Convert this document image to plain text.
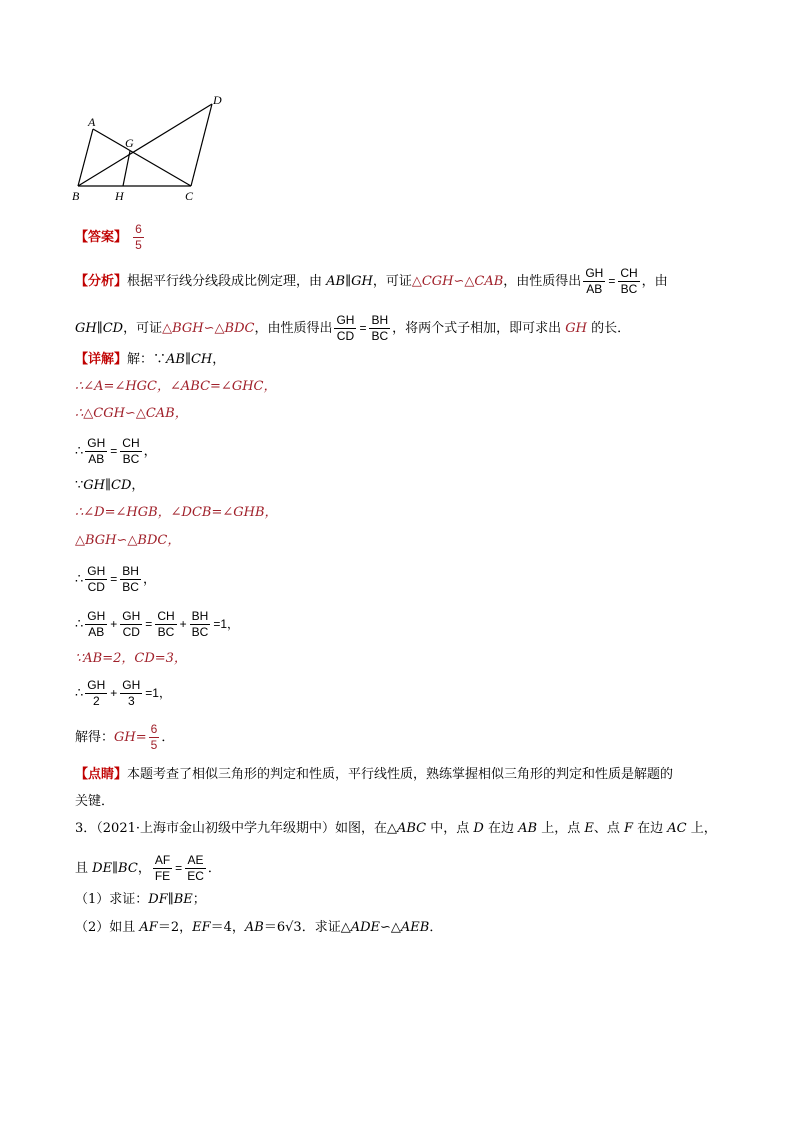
A
B	C
D
G
H
【答案】 $\frac{6}{5}$
【分析】根据平行线分线段成比例定理，由 AB∥GH，可证△CGH∽△CAB，由性质得出 $\frac{GH}{AB} = \frac{CH}{BC}$ ，由
GH∥CD，可证△BGH∽△BDC，由性质得出 $\frac{GH}{CD} = \frac{BH}{BC}$ ，将两个式子相加，即可求出 GH 的长．
【详解】解：∵AB∥CH，
∴∠A=∠HGC，∠ABC=∠GHC，
∴△CGH∽△CAB，
∴ $\frac{GH}{AB} = \frac{CH}{BC}$ ，
∵GH∥CD，
∴∠D=∠HGB，∠DCB=∠GHB，
△BGH∽△BDC，
∴ $\frac{GH}{CD} = \frac{BH}{BC}$ ，
∴ $\frac{GH}{AB} + \frac{GH}{CD} = \frac{CH}{BC} + \frac{BH}{BC} =1$，
∵AB=2，CD=3，
∴ $\frac{GH}{2} + \frac{GH}{3} =1$，
解得：$GH= \frac{6}{5}$ ．
【点睛】本题考查了相似三角形的判定和性质，平行线性质，熟练掌握相似三角形的判定和性质是解题的
关键．
3．（2021·上海市金山初级中学九年级期中）如图，在△ABC 中，点 D 在边 AB 上，点 E、点 F 在边 AC 上，
且 DE∥BC， $\frac{AF}{FE} = \frac{AE}{EC}$ ．
（1）求证：DF∥BE；
（2）如且 AF＝2，EF＝4，AB＝6√3．求证△ADE∽△AEB．
